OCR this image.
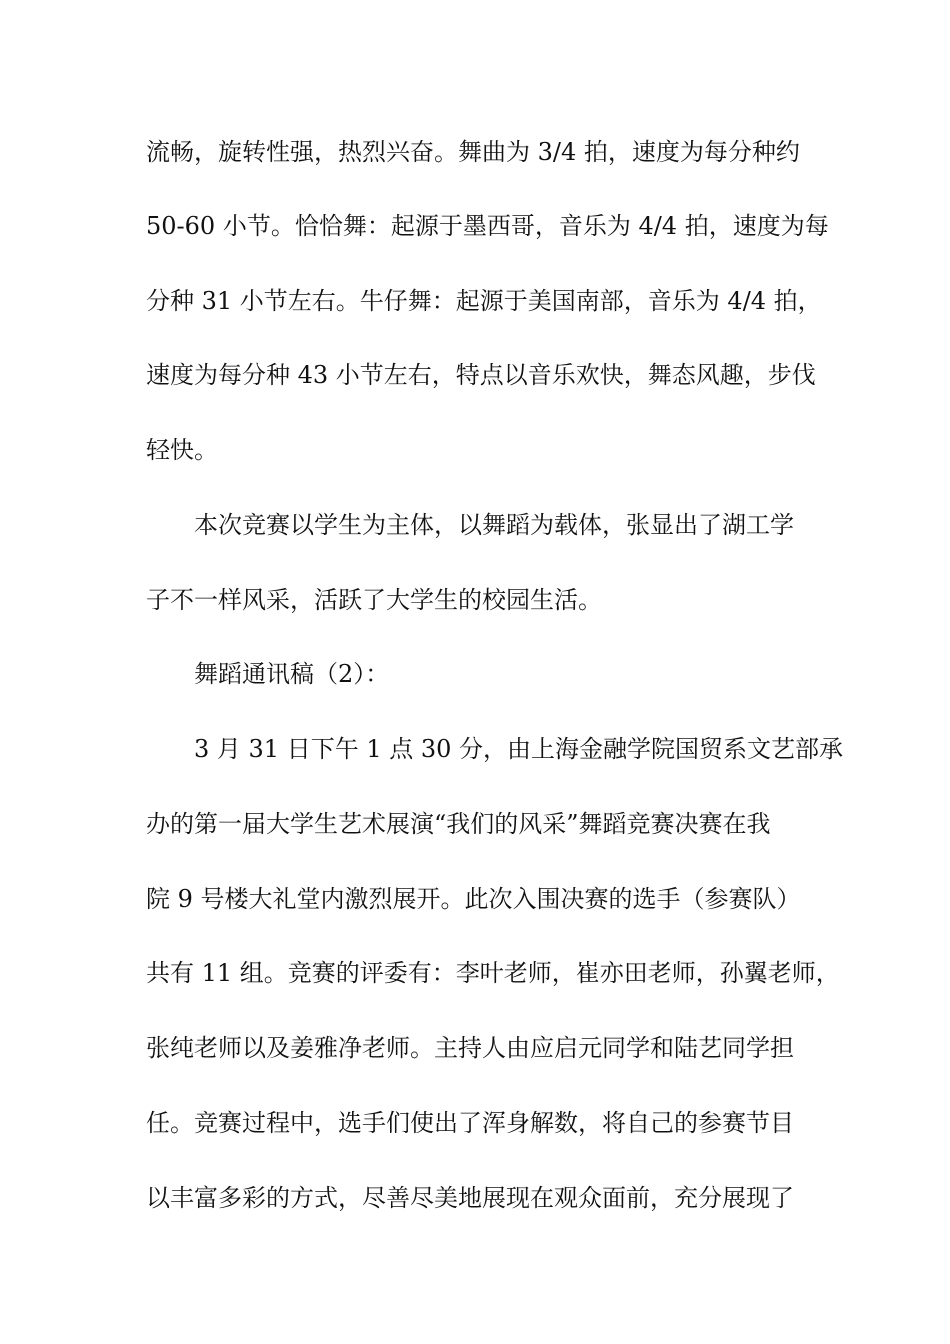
流畅，旋转性强，热烈兴奋。舞曲为 3/4 拍，速度为每分种约
50-60 小节。恰恰舞：起源于墨西哥，音乐为 4/4 拍，速度为每
分种 31 小节左右。牛仔舞：起源于美国南部，音乐为 4/4 拍，
速度为每分种 43 小节左右，特点以音乐欢快，舞态风趣，步伐
轻快。
本次竞赛以学生为主体，以舞蹈为载体，张显出了湖工学
子不一样风采，活跃了大学生的校园生活。
舞蹈通讯稿（2）：
3 月 31 日下午 1 点 30 分，由上海金融学院国贸系文艺部承
办的第一届大学生艺术展演“我们的风采”舞蹈竞赛决赛在我
院 9 号楼大礼堂内激烈展开。此次入围决赛的选手（参赛队）
共有 11 组。竞赛的评委有：李叶老师，崔亦田老师，孙翼老师，
张纯老师以及姜雅净老师。主持人由应启元同学和陆艺同学担
任。竞赛过程中，选手们使出了浑身解数，将自己的参赛节目
以丰富多彩的方式，尽善尽美地展现在观众面前，充分展现了
